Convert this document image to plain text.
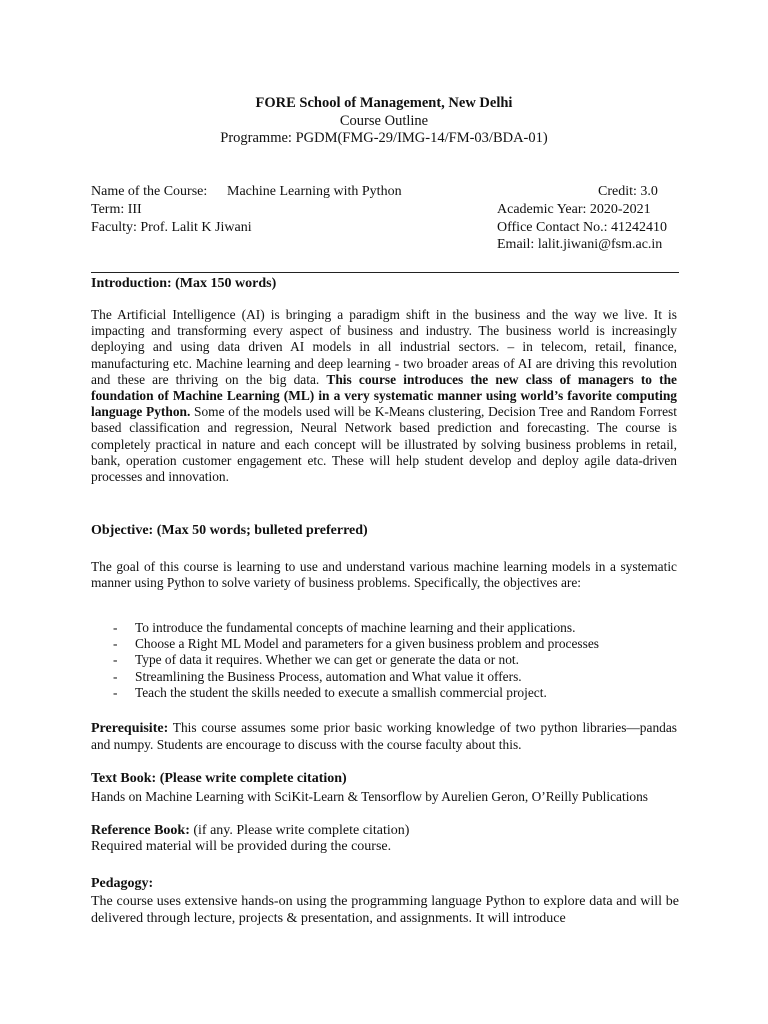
FORE School of Management, New Delhi
Course Outline
Programme: PGDM(FMG-29/IMG-14/FM-03/BDA-01)
Name of the Course: Machine Learning with Python	Credit: 3.0
Term: III	Academic Year: 2020-2021
Faculty: Prof. Lalit K Jiwani	Office Contact No.: 41242410
Email: lalit.jiwani@fsm.ac.in
Introduction: (Max 150 words)
The Artificial Intelligence (AI) is bringing a paradigm shift in the business and the way we live. It is impacting and transforming every aspect of business and industry. The business world is increasingly deploying and using data driven AI models in all industrial sectors. – in telecom, retail, finance, manufacturing etc. Machine learning and deep learning - two broader areas of AI are driving this revolution and these are thriving on the big data. This course introduces the new class of managers to the foundation of Machine Learning (ML) in a very systematic manner using world’s favorite computing language Python. Some of the models used will be K-Means clustering, Decision Tree and Random Forrest based classification and regression, Neural Network based prediction and forecasting. The course is completely practical in nature and each concept will be illustrated by solving business problems in retail, bank, operation customer engagement etc. These will help student develop and deploy agile data-driven processes and innovation.
Objective: (Max 50 words; bulleted preferred)
The goal of this course is learning to use and understand various machine learning models in a systematic manner using Python to solve variety of business problems. Specifically, the objectives are:
- To introduce the fundamental concepts of machine learning and their applications.
- Choose a Right ML Model and parameters for a given business problem and processes
- Type of data it requires. Whether we can get or generate the data or not.
- Streamlining the Business Process, automation and What value it offers.
- Teach the student the skills needed to execute a smallish commercial project.
Prerequisite: This course assumes some prior basic working knowledge of two python libraries—pandas and numpy. Students are encourage to discuss with the course faculty about this.
Text Book: (Please write complete citation)
Hands on Machine Learning with SciKit-Learn & Tensorflow by Aurelien Geron, O’Reilly Publications
Reference Book: (if any. Please write complete citation)
Required material will be provided during the course.
Pedagogy:
The course uses extensive hands-on using the programming language Python to explore data and will be delivered through lecture, projects & presentation, and assignments. It will introduce
